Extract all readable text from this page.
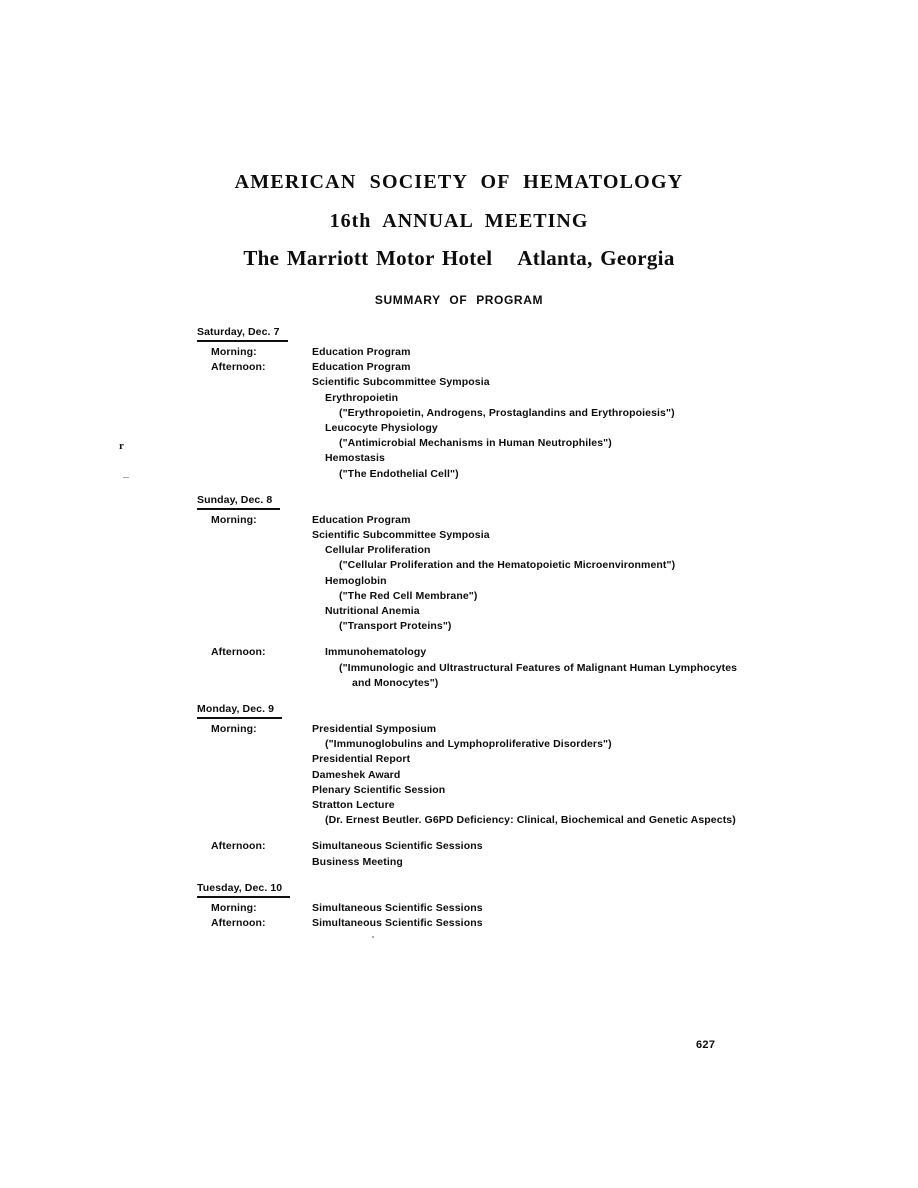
AMERICAN SOCIETY OF HEMATOLOGY
16th ANNUAL MEETING
The Marriott Motor Hotel Atlanta, Georgia
SUMMARY OF PROGRAM
Saturday, Dec. 7
Morning:	Education Program
Afternoon:	Education Program
Scientific Subcommittee Symposia
Erythropoietin
("Erythropoietin, Androgens, Prostaglandins and Erythropoiesis")
Leucocyte Physiology
("Antimicrobial Mechanisms in Human Neutrophiles")
Hemostasis
("The Endothelial Cell")
Sunday, Dec. 8
Morning:	Education Program
Scientific Subcommittee Symposia
Cellular Proliferation
("Cellular Proliferation and the Hematopoietic Microenvironment")
Hemoglobin
("The Red Cell Membrane")
Nutritional Anemia
("Transport Proteins")
Afternoon:	Immunohematology
("Immunologic and Ultrastructural Features of Malignant Human Lymphocytes
and Monocytes")
Monday, Dec. 9
Morning:	Presidential Symposium
("Immunoglobulins and Lymphoproliferative Disorders")
Presidential Report
Dameshek Award
Plenary Scientific Session
Stratton Lecture
(Dr. Ernest Beutler. G6PD Deficiency: Clinical, Biochemical and Genetic Aspects)
Afternoon:	Simultaneous Scientific Sessions
Business Meeting
Tuesday, Dec. 10
Morning:	Simultaneous Scientific Sessions
Afternoon:	Simultaneous Scientific Sessions
r
627
